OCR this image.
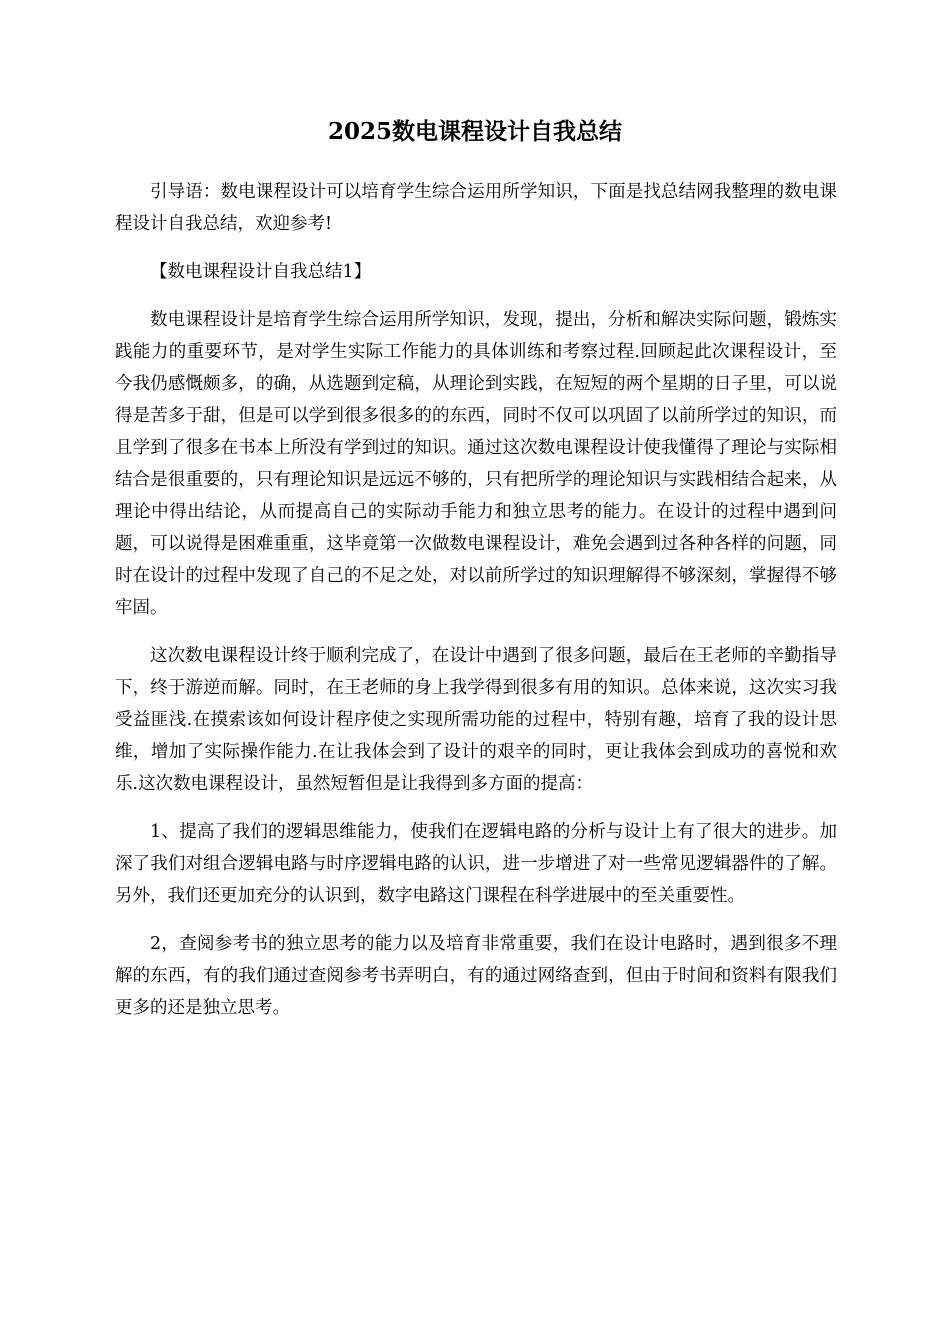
2025数电课程设计自我总结

引导语：数电课程设计可以培育学生综合运用所学知识，下面是找总结网我整理的数电课程设计自我总结，欢迎参考!

【数电课程设计自我总结1】

数电课程设计是培育学生综合运用所学知识，发现，提出，分析和解决实际问题，锻炼实践能力的重要环节，是对学生实际工作能力的具体训练和考察过程.回顾起此次课程设计，至今我仍感慨颇多，的确，从选题到定稿，从理论到实践，在短短的两个星期的日子里，可以说得是苦多于甜，但是可以学到很多很多的的东西，同时不仅可以巩固了以前所学过的知识，而且学到了很多在书本上所没有学到过的知识。通过这次数电课程设计使我懂得了理论与实际相结合是很重要的，只有理论知识是远远不够的，只有把所学的理论知识与实践相结合起来，从理论中得出结论，从而提高自己的实际动手能力和独立思考的能力。在设计的过程中遇到问题，可以说得是困难重重，这毕竟第一次做数电课程设计，难免会遇到过各种各样的问题，同时在设计的过程中发现了自己的不足之处，对以前所学过的知识理解得不够深刻，掌握得不够牢固。

这次数电课程设计终于顺利完成了，在设计中遇到了很多问题，最后在王老师的辛勤指导下，终于游逆而解。同时，在王老师的身上我学得到很多有用的知识。总体来说，这次实习我受益匪浅.在摸索该如何设计程序使之实现所需功能的过程中，特别有趣，培育了我的设计思维，增加了实际操作能力.在让我体会到了设计的艰辛的同时，更让我体会到成功的喜悦和欢乐.这次数电课程设计，虽然短暂但是让我得到多方面的提高：

1、提高了我们的逻辑思维能力，使我们在逻辑电路的分析与设计上有了很大的进步。加深了我们对组合逻辑电路与时序逻辑电路的认识，进一步增进了对一些常见逻辑器件的了解。另外，我们还更加充分的认识到，数字电路这门课程在科学进展中的至关重要性。

2，查阅参考书的独立思考的能力以及培育非常重要，我们在设计电路时，遇到很多不理解的东西，有的我们通过查阅参考书弄明白，有的通过网络查到，但由于时间和资料有限我们更多的还是独立思考。
